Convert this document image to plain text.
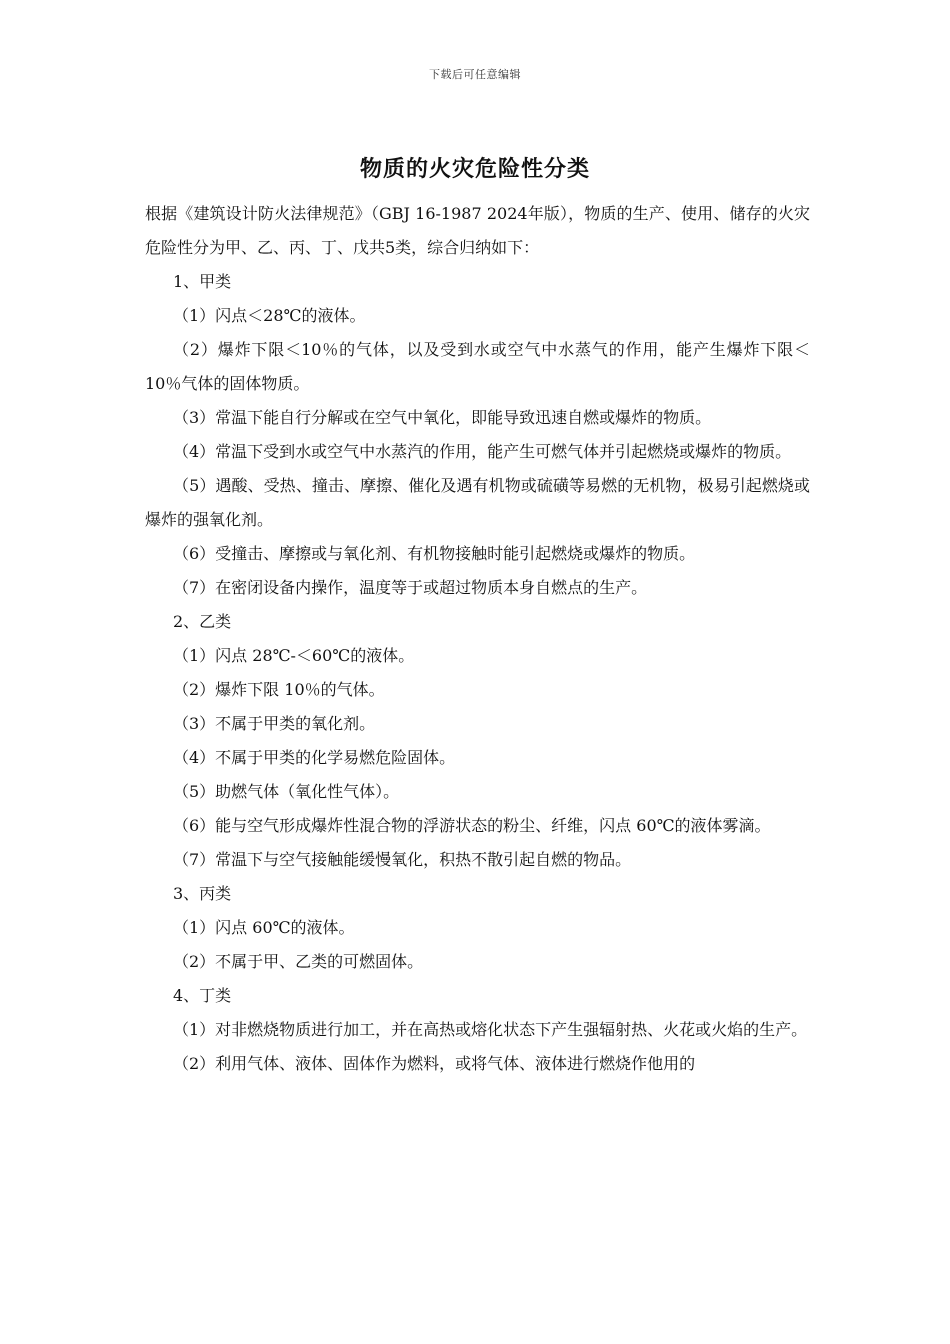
下载后可任意编辑
物质的火灾危险性分类

根据《建筑设计防火法律规范》（GBJ 16-1987 2024年版），物质的生产、使用、储存的火灾危险性分为甲、乙、丙、丁、戊共5类，综合归纳如下：

1、甲类

（1）闪点＜28℃的液体。

（2）爆炸下限＜10％的气体，以及受到水或空气中水蒸气的作用，能产生爆炸下限＜10％气体的固体物质。

（3）常温下能自行分解或在空气中氧化，即能导致迅速自燃或爆炸的物质。

（4）常温下受到水或空气中水蒸汽的作用，能产生可燃气体并引起燃烧或爆炸的物质。

（5）遇酸、受热、撞击、摩擦、催化及遇有机物或硫磺等易燃的无机物，极易引起燃烧或爆炸的强氧化剂。

（6）受撞击、摩擦或与氧化剂、有机物接触时能引起燃烧或爆炸的物质。

（7）在密闭设备内操作，温度等于或超过物质本身自燃点的生产。

2、乙类

（1）闪点 28℃-＜60℃的液体。

（2）爆炸下限 10％的气体。

（3）不属于甲类的氧化剂。

（4）不属于甲类的化学易燃危险固体。

（5）助燃气体（氧化性气体）。

（6）能与空气形成爆炸性混合物的浮游状态的粉尘、纤维，闪点 60℃的液体雾滴。

（7）常温下与空气接触能缓慢氧化，积热不散引起自燃的物品。

3、丙类

（1）闪点 60℃的液体。

（2）不属于甲、乙类的可燃固体。

4、丁类

（1）对非燃烧物质进行加工，并在高热或熔化状态下产生强辐射热、火花或火焰的生产。

（2）利用气体、液体、固体作为燃料，或将气体、液体进行燃烧作他用的
